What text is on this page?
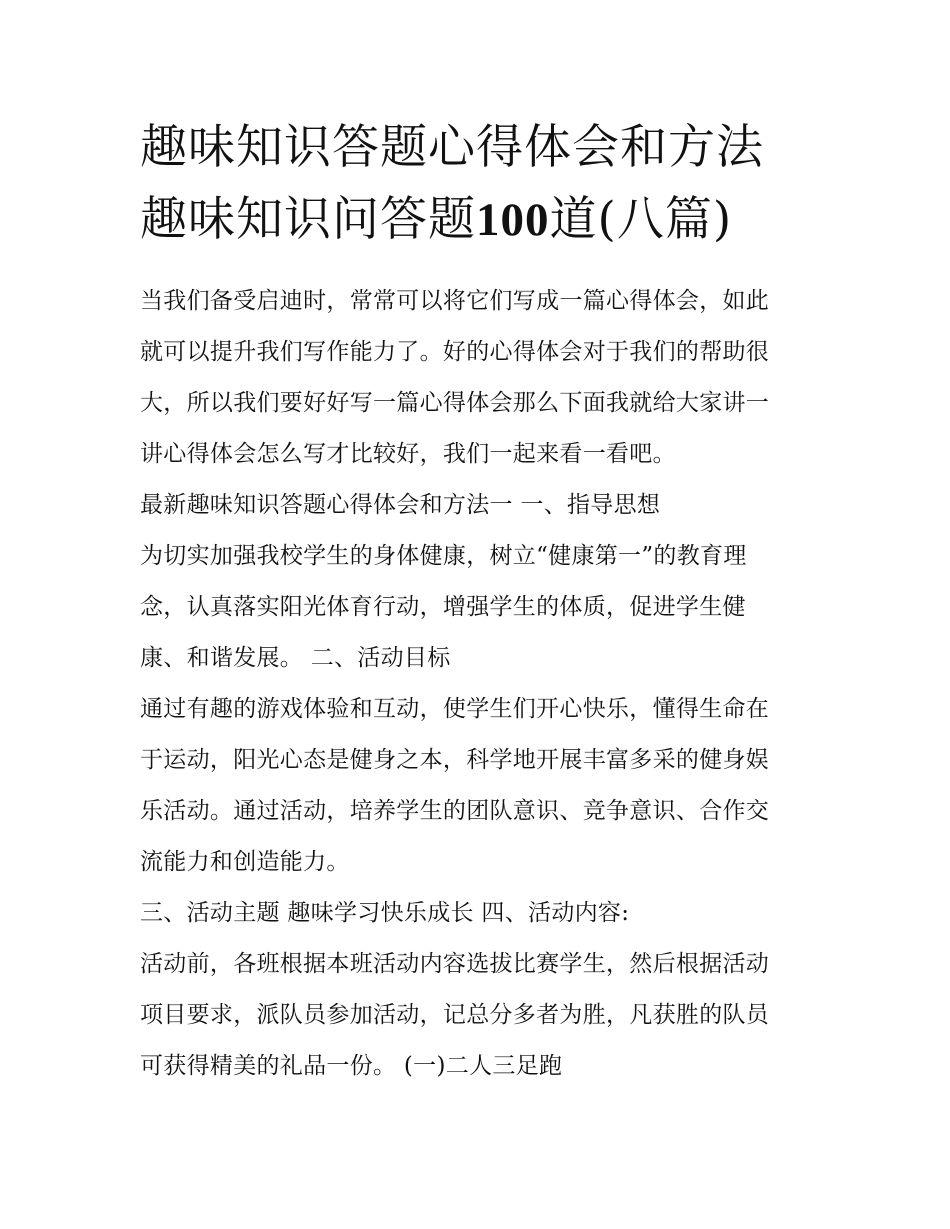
趣味知识答题心得体会和方法
趣味知识问答题100道(八篇)
当我们备受启迪时，常常可以将它们写成一篇心得体会，如此
就可以提升我们写作能力了。好的心得体会对于我们的帮助很
大，所以我们要好好写一篇心得体会那么下面我就给大家讲一
讲心得体会怎么写才比较好，我们一起来看一看吧。
最新趣味知识答题心得体会和方法一 一、指导思想
为切实加强我校学生的身体健康，树立“健康第一”的教育理
念，认真落实阳光体育行动，增强学生的体质，促进学生健
康、和谐发展。 二、活动目标
通过有趣的游戏体验和互动，使学生们开心快乐，懂得生命在
于运动，阳光心态是健身之本，科学地开展丰富多采的健身娱
乐活动。通过活动，培养学生的团队意识、竞争意识、合作交
流能力和创造能力。
三、活动主题 趣味学习快乐成长 四、活动内容:
活动前，各班根据本班活动内容选拔比赛学生，然后根据活动
项目要求，派队员参加活动，记总分多者为胜，凡获胜的队员
可获得精美的礼品一份。 (一)二人三足跑
